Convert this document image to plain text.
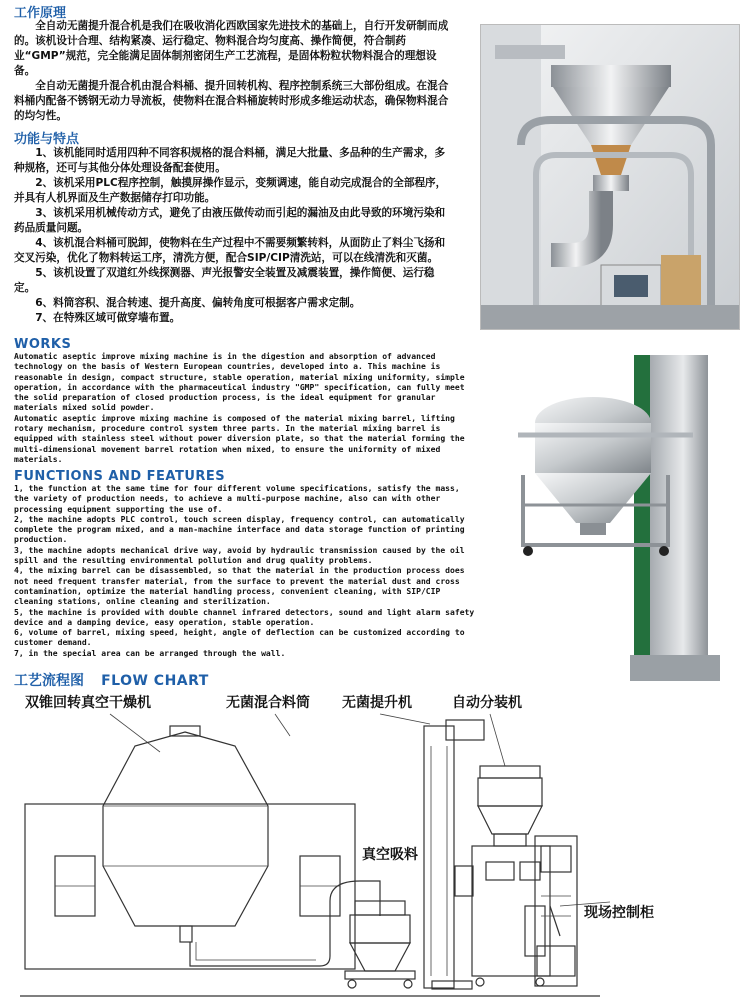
工作原理

全自动无菌提升混合机是我们在吸收消化西欧国家先进技术的基础上，自行开发研制而成的。该机设计合理、结构紧凑、运行稳定、物料混合均匀度高、操作简便，符合制药业“GMP”规范，完全能满足固体制剂密闭生产工艺流程，是固体粉粒状物料混合的理想设备。

全自动无菌提升混合机由混合料桶、提升回转机构、程序控制系统三大部份组成。在混合料桶内配备不锈钢无动力导流板，使物料在混合料桶旋转时形成多维运动状态，确保物料混合的均匀性。

功能与特点

1、该机能同时适用四种不同容积规格的混合料桶，满足大批量、多品种的生产需求，多种规格，还可与其他分体处理设备配套使用。

2、该机采用PLC程序控制，触摸屏操作显示，变频调速，能自动完成混合的全部程序，并具有人机界面及生产数据储存打印功能。

3、该机采用机械传动方式，避免了由液压做传动而引起的漏油及由此导致的环境污染和药品质量问题。

4、该机混合料桶可脱卸，使物料在生产过程中不需要频繁转料，从面防止了料尘飞扬和交叉污染，优化了物料转运工序，清洗方便，配合SIP/CIP清洗站，可以在线清洗和灭菌。

5、该机设置了双道红外线探测器、声光报警安全装置及减震装置，操作简便、运行稳定。

6、料筒容积、混合转速、提升高度、偏转角度可根据客户需求定制。

7、在特殊区域可做穿墙布置。

WORKS

Automatic aseptic improve mixing machine is in the digestion and absorption of advanced technology on the basis of Western European countries, developed into a. This machine is reasonable in design, compact structure, stable operation, material mixing uniformity, simple operation, in accordance with the pharmaceutical industry "GMP" specification, can fully meet the solid preparation of closed production process, is the ideal equipment for granular materials mixed solid powder.

Automatic aseptic improve mixing machine is composed of the material mixing barrel, lifting rotary mechanism, procedure control system three parts. In the material mixing barrel is equipped with stainless steel without power diversion plate, so that the material forming the multi-dimensional movement barrel rotation when mixed, to ensure the uniformity of mixed materials.

FUNCTIONS AND FEATURES

1, the function at the same time for four different volume specifications, satisfy the mass, the variety of production needs, to achieve a multi-purpose machine, also can with other processing equipment supporting the use of.

2, the machine adopts PLC control, touch screen display, frequency control, can automatically complete the program mixed, and a man-machine interface and data storage function of printing production.

3, the machine adopts mechanical drive way, avoid by hydraulic transmission caused by the oil spill and the resulting environmental pollution and drug quality problems.

4, the mixing barrel can be disassembled, so that the material in the production process does not need frequent transfer material, from the surface to prevent the material dust and cross contamination, optimize the material handling process, convenient cleaning, with SIP/CIP cleaning stations, online cleaning and sterilization.

5, the machine is provided with double channel infrared detectors, sound and light alarm safety device and a damping device, easy operation, stable operation.

6, volume of barrel, mixing speed, height, angle of deflection can be customized according to customer demand.

7, in the special area can be arranged through the wall.

工艺流程图 FLOW CHART
双锥回转真空干燥机	无菌混合料筒 无菌提升机	自动分装机
真空吸料
现场控制柜
